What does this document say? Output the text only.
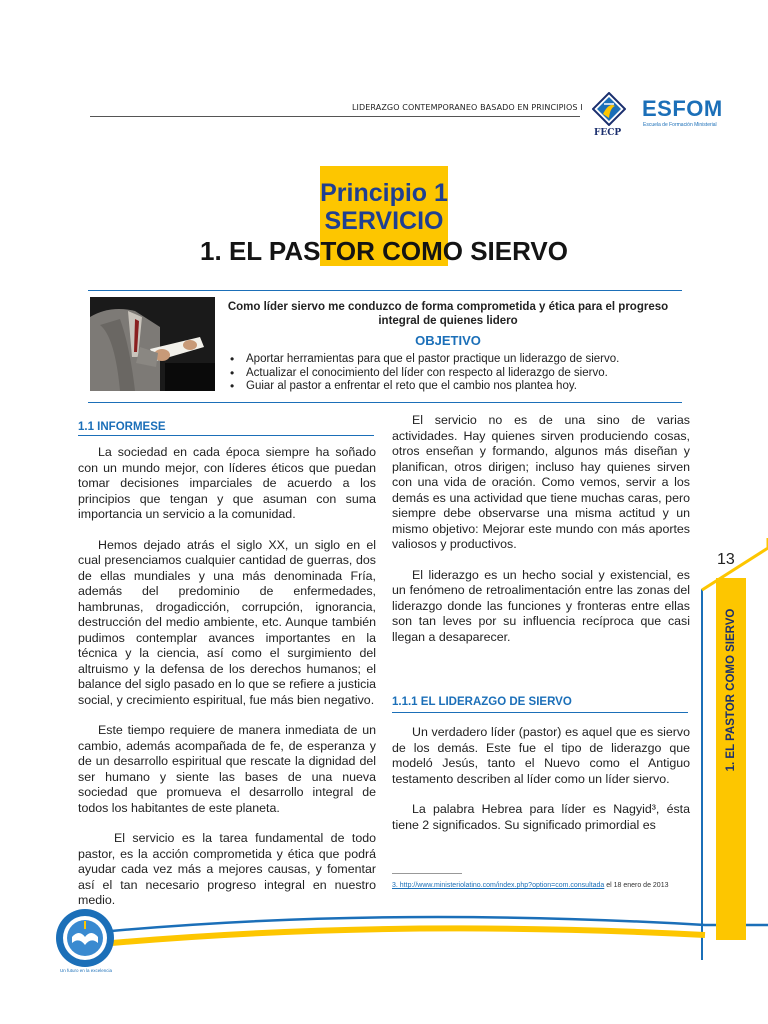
LIDERAZGO CONTEMPORANEO BASADO EN PRINCIPIOS I
FECP
ESFOM
Escuela de Formación Ministerial
Principio 1
SERVICIO
1. EL PASTOR COMO SIERVO
Como líder siervo me conduzco de forma comprometida y ética para el progreso integral de quienes lidero
OBJETIVO
• Aportar herramientas para que el pastor practique un liderazgo de siervo.
• Actualizar el conocimiento del líder con respecto al liderazgo de siervo.
• Guiar al pastor a enfrentar el reto que el cambio nos plantea hoy.
1.1 INFORMESE

La sociedad en cada época siempre ha soñado con un mundo mejor, con líderes éticos que puedan tomar decisiones imparciales de acuerdo a los principios que tengan y que asuman con suma importancia un servicio a la comunidad.

Hemos dejado atrás el siglo XX, un siglo en el cual presenciamos cualquier cantidad de guerras, dos de ellas mundiales y una más denominada Fría, además del predominio de enfermedades, hambrunas, drogadicción, corrupción, ignorancia, destrucción del medio ambiente, etc. Aunque también pudimos contemplar avances importantes en la técnica y la ciencia, así como el surgimiento del altruismo y la defensa de los derechos humanos; el balance del siglo pasado en lo que se refiere a justicia social, y crecimiento espiritual, fue más bien negativo.

Este tiempo requiere de manera inmediata de un cambio, además acompañada de fe, de esperanza y de un desarrollo espiritual que rescate la dignidad del ser humano y siente las bases de una nueva sociedad que promueva el desarrollo integral de todos los habitantes de este planeta.

El servicio es la tarea fundamental de todo pastor, es la acción comprometida y ética que podrá ayudar cada vez más a mejores causas, y fomentar así el tan necesario progreso integral en nuestro medio.

El servicio no es de una sino de varias actividades. Hay quienes sirven produciendo cosas, otros enseñan y formando, algunos más diseñan y planifican, otros dirigen; incluso hay quienes sirven con una vida de oración. Como vemos, servir a los demás es una actividad que tiene muchas caras, pero siempre debe observarse una misma actitud y un mismo objetivo: Mejorar este mundo con más aportes valiosos y productivos.

El liderazgo es un hecho social y existencial, es un fenómeno de retroalimentación entre las zonas del liderazgo donde las funciones y fronteras entre ellas son tan leves por su influencia recíproca que casi llegan a desaparecer.

1.1.1 EL LIDERAZGO DE SIERVO

Un verdadero líder (pastor) es aquel que es siervo de los demás. Este fue el tipo de liderazgo que modeló Jesús, tanto el Nuevo como el Antiguo testamento describen al líder como un líder siervo.

La palabra Hebrea para líder es Nagyid³, ésta tiene 2 significados. Su significado primordial es

3. http://www.ministeriolatino.com/index.php?option=com.consultada el 18 enero de 2013
13
1. EL PASTOR COMO SIERVO
Un futuro en la excelencia
